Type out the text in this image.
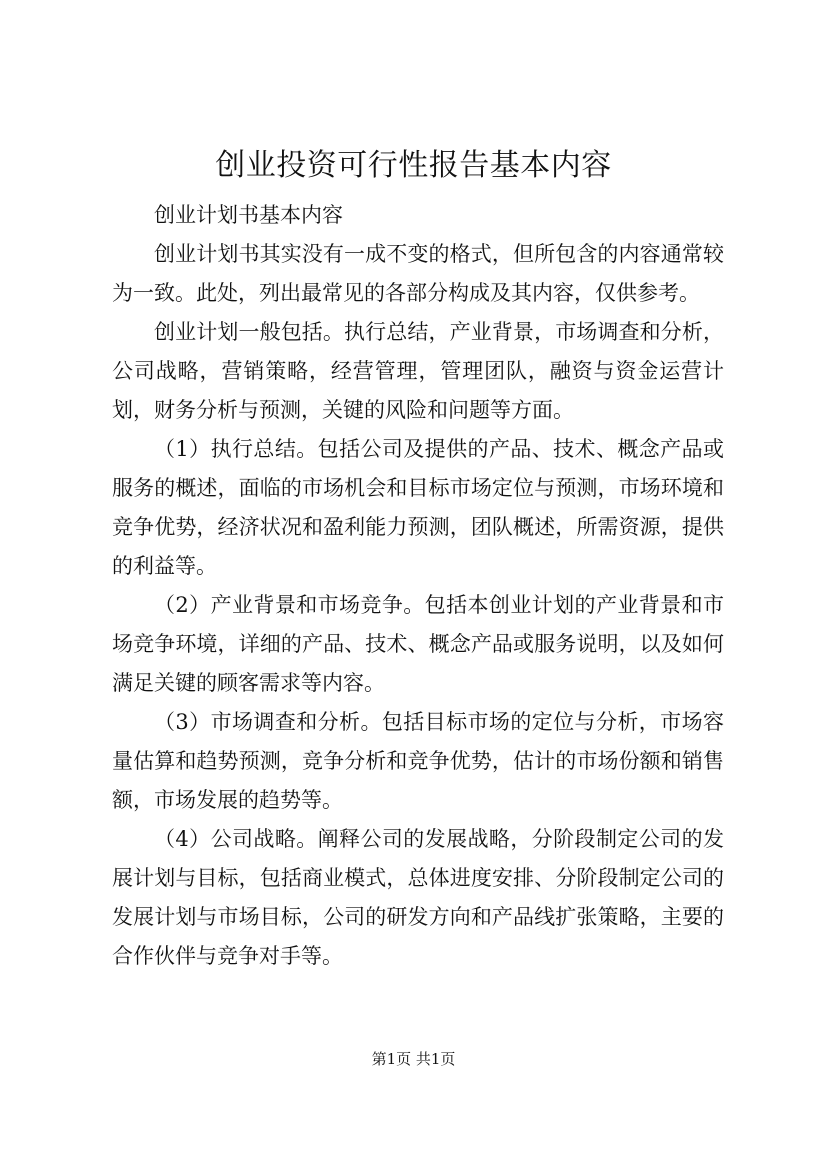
创业投资可行性报告基本内容

创业计划书基本内容

创业计划书其实没有一成不变的格式，但所包含的内容通常较为一致。此处，列出最常见的各部分构成及其内容，仅供参考。

创业计划一般包括。执行总结，产业背景，市场调查和分析，公司战略，营销策略，经营管理，管理团队，融资与资金运营计划，财务分析与预测，关键的风险和问题等方面。

（1）执行总结。包括公司及提供的产品、技术、概念产品或服务的概述，面临的市场机会和目标市场定位与预测，市场环境和竞争优势，经济状况和盈利能力预测，团队概述，所需资源，提供的利益等。

（2）产业背景和市场竞争。包括本创业计划的产业背景和市场竞争环境，详细的产品、技术、概念产品或服务说明，以及如何满足关键的顾客需求等内容。

（3）市场调查和分析。包括目标市场的定位与分析，市场容量估算和趋势预测，竞争分析和竞争优势，估计的市场份额和销售额，市场发展的趋势等。

（4）公司战略。阐释公司的发展战略，分阶段制定公司的发展计划与目标，包括商业模式，总体进度安排、分阶段制定公司的发展计划与市场目标，公司的研发方向和产品线扩张策略，主要的合作伙伴与竞争对手等。

第1页 共1页
